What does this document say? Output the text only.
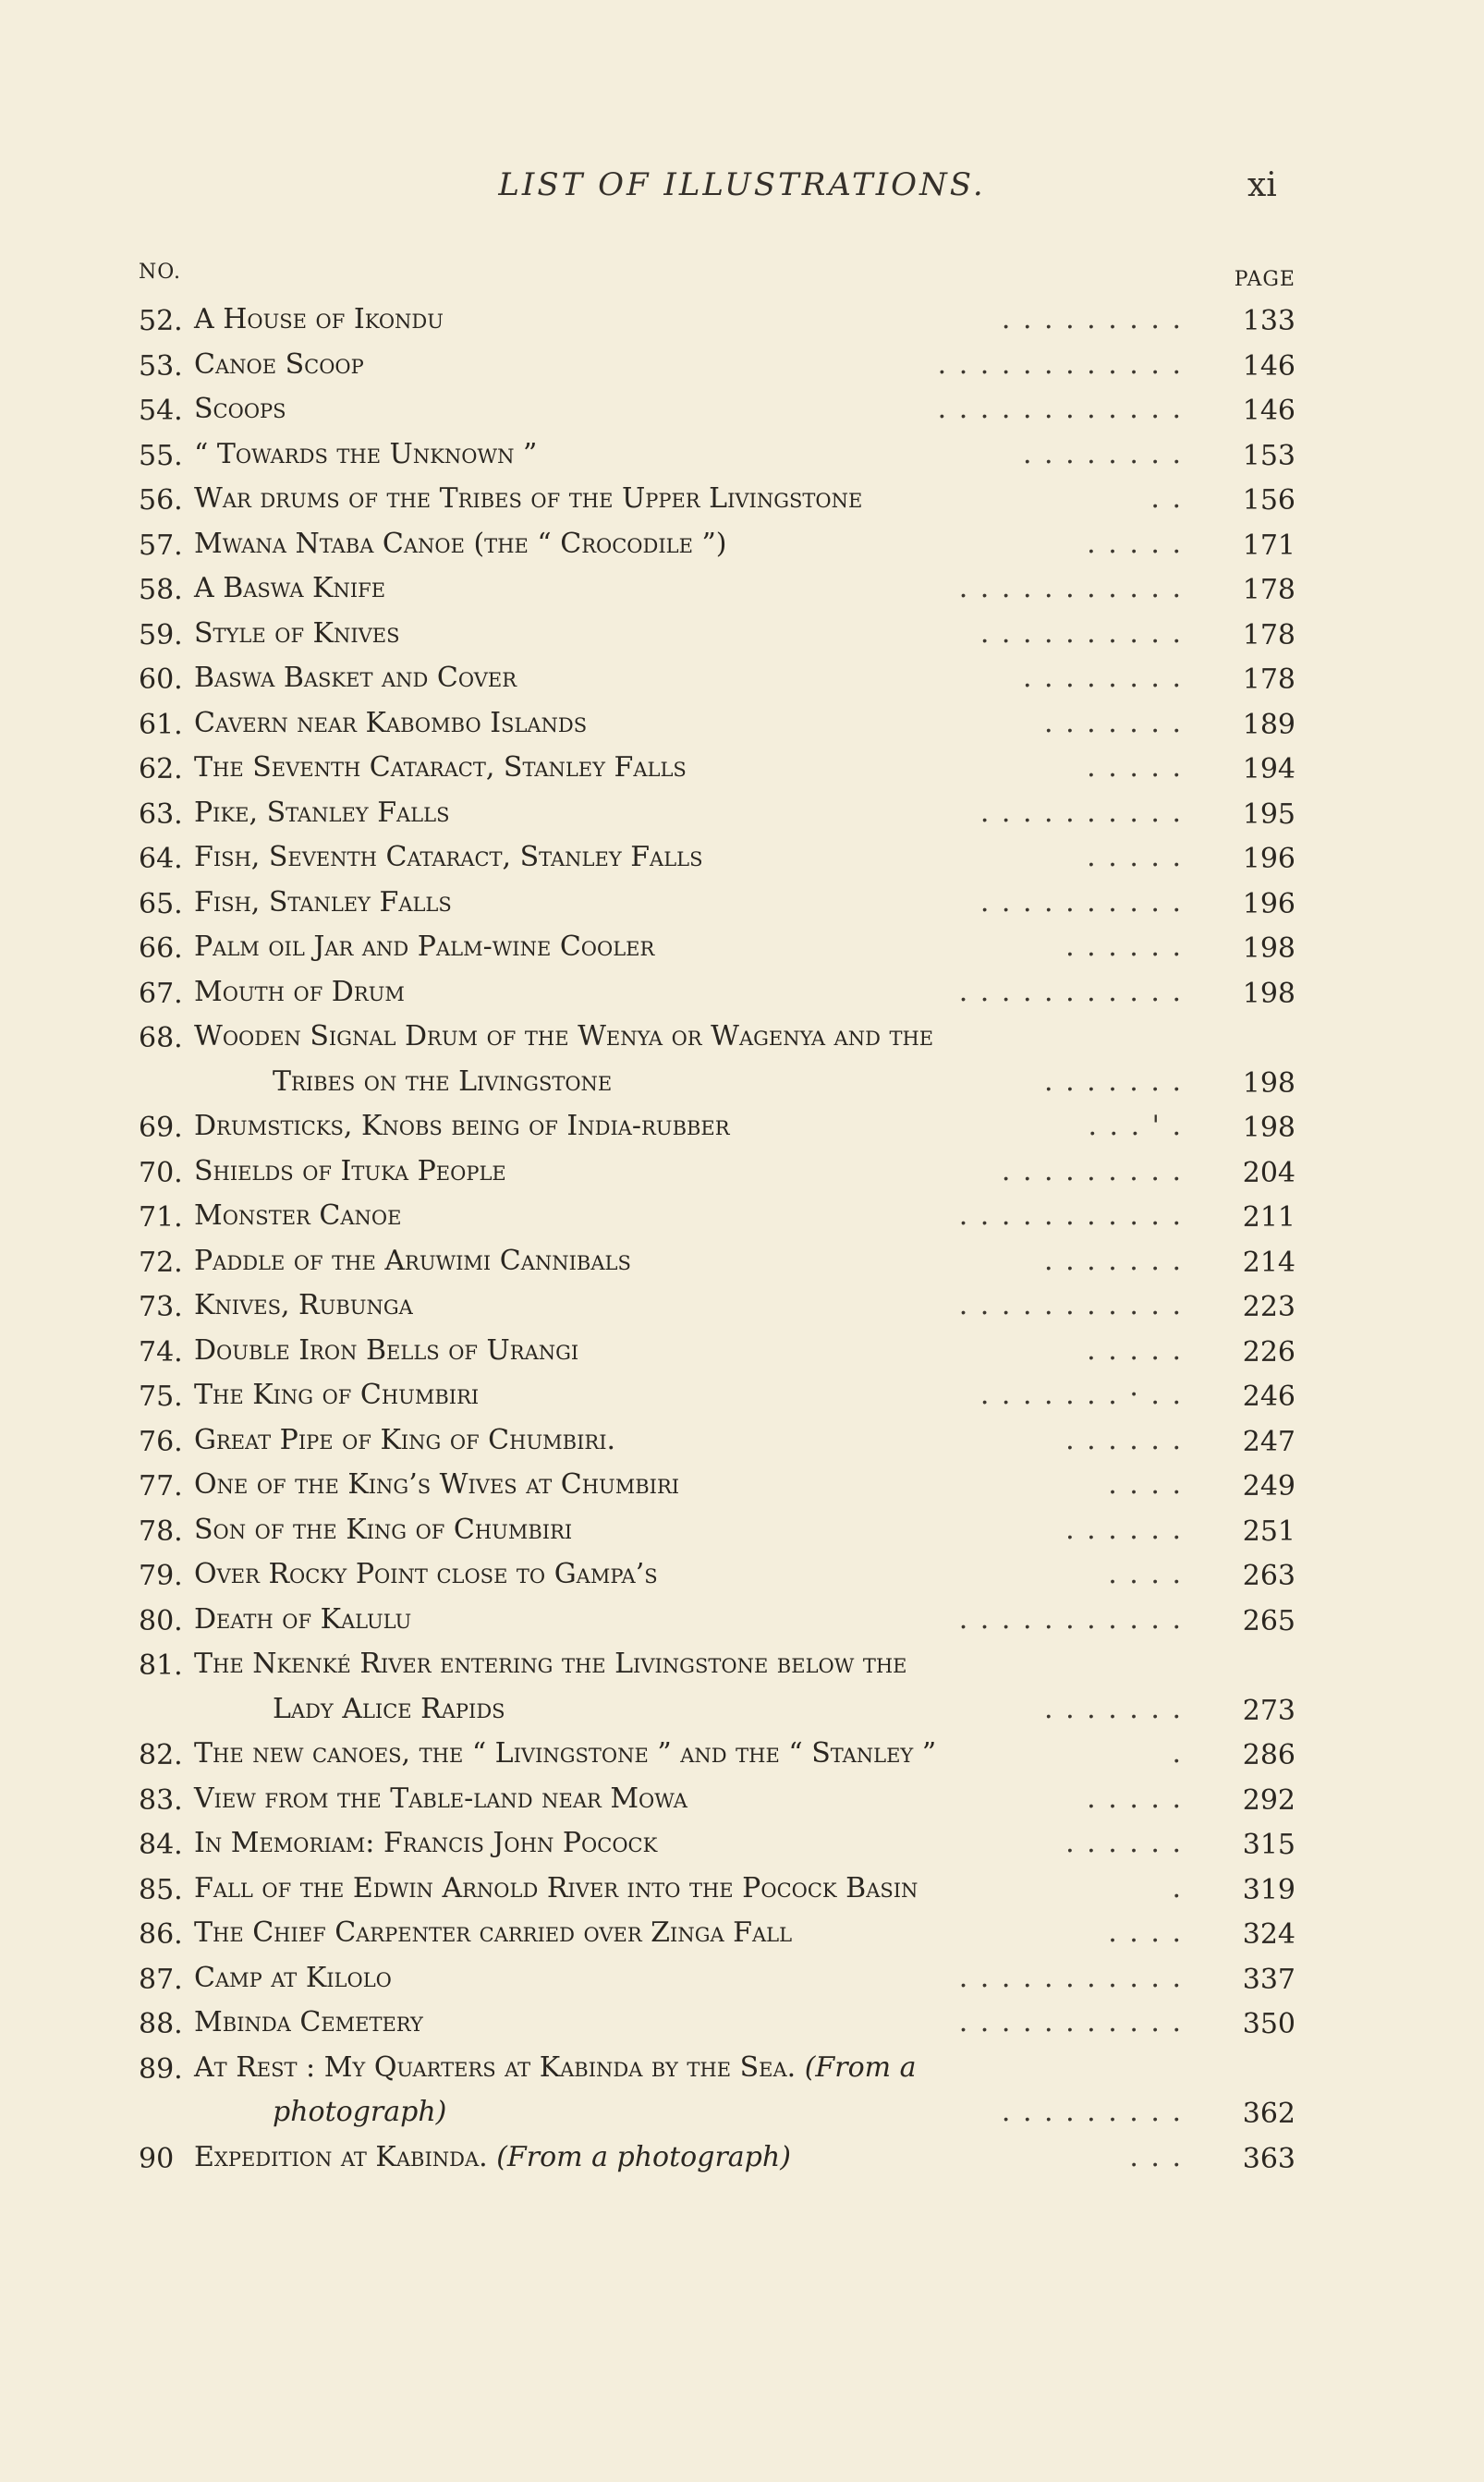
LIST OF ILLUSTRATIONS.	xi
NO.	PAGE
52. A House of Ikondu	. . . . . . . . .	133
53. Canoe Scoop	. . . . . . . . . . . .	146
54. Scoops	. . . . . . . . . . . .	146
55. “ Towards the Unknown ”	. . . . . . . .	153
56. War drums of the Tribes of the Upper Livingstone	. .	156
57. Mwana Ntaba Canoe (the “ Crocodile ”)	. . . . .	171
58. A Baswa Knife	. . . . . . . . . . .	178
59. Style of Knives	. . . . . . . . . .	178
60. Baswa Basket and Cover	. . . . . . . .	178
61. Cavern near Kabombo Islands	. . . . . . .	189
62. The Seventh Cataract, Stanley Falls	. . . . .	194
63. Pike, Stanley Falls	. . . . . . . . . .	195
64. Fish, Seventh Cataract, Stanley Falls	. . . . .	196
65. Fish, Stanley Falls	. . . . . . . . . .	196
66. Palm oil Jar and Palm-wine Cooler	. . . . . .	198
67. Mouth of Drum	. . . . . . . . . . .	198
68. Wooden Signal Drum of the Wenya or Wagenya and the
Tribes on the Livingstone	. . . . . . .	198
69. Drumsticks, Knobs being of India-rubber	. . . ' .	198
70. Shields of Ituka People	. . . . . . . . .	204
71. Monster Canoe	. . . . . . . . . . .	211
72. Paddle of the Aruwimi Cannibals	. . . . . . .	214
73. Knives, Rubunga	. . . . . . . . . . .	223
74. Double Iron Bells of Urangi	. . . . .	226
75. The King of Chumbiri	. . . . . . . · . .	246
76. Great Pipe of King of Chumbiri.	. . . . . .	247
77. One of the King’s Wives at Chumbiri	. . . .	249
78. Son of the King of Chumbiri	. . . . . .	251
79. Over Rocky Point close to Gampa’s	. . . .	263
80. Death of Kalulu	. . . . . . . . . . .	265
81. The Nkenké River entering the Livingstone below the
Lady Alice Rapids	. . . . . . .	273
82. The new canoes, the “ Livingstone ” and the “ Stanley ”	.	286
83. View from the Table-land near Mowa	. . . . .	292
84. In Memoriam: Francis John Pocock	. . . . . .	315
85. Fall of the Edwin Arnold River into the Pocock Basin	.	319
86. The Chief Carpenter carried over Zinga Fall	. . . .	324
87. Camp at Kilolo	. . . . . . . . . . .	337
88. Mbinda Cemetery	. . . . . . . . . . .	350
89. At Rest : My Quarters at Kabinda by the Sea. (From a
photograph)	. . . . . . . . .	362
90 Expedition at Kabinda. (From a photograph)	. . .	363
